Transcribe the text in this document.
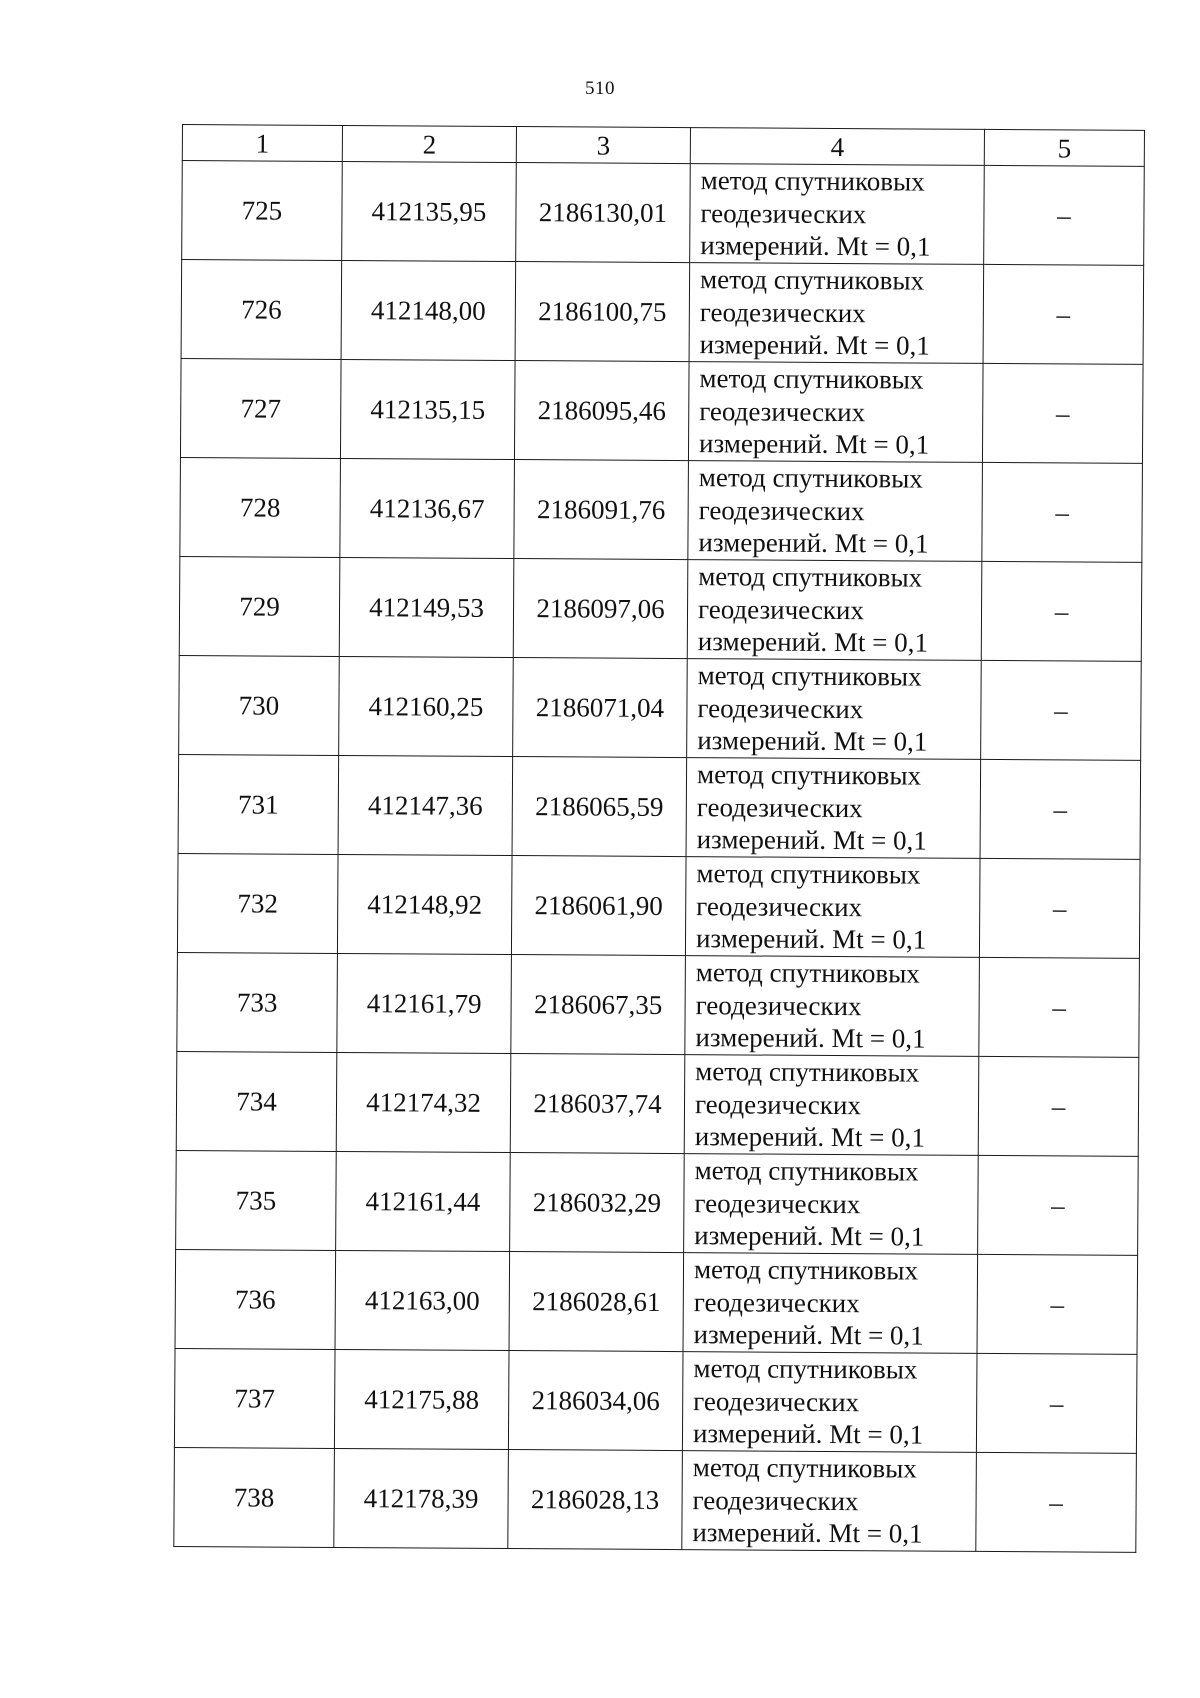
510
1	2	3	4	5
725	412135,95	2186130,01	метод спутниковых
геодезических
измерений. Mt = 0,1	–
726	412148,00	2186100,75	метод спутниковых
геодезических
измерений. Mt = 0,1	–
727	412135,15	2186095,46	метод спутниковых
геодезических
измерений. Mt = 0,1	–
728	412136,67	2186091,76	метод спутниковых
геодезических
измерений. Mt = 0,1	–
729	412149,53	2186097,06	метод спутниковых
геодезических
измерений. Mt = 0,1	–
730	412160,25	2186071,04	метод спутниковых
геодезических
измерений. Mt = 0,1	–
731	412147,36	2186065,59	метод спутниковых
геодезических
измерений. Mt = 0,1	–
732	412148,92	2186061,90	метод спутниковых
геодезических
измерений. Mt = 0,1	–
733	412161,79	2186067,35	метод спутниковых
геодезических
измерений. Mt = 0,1	–
734	412174,32	2186037,74	метод спутниковых
геодезических
измерений. Mt = 0,1	–
735	412161,44	2186032,29	метод спутниковых
геодезических
измерений. Mt = 0,1	–
736	412163,00	2186028,61	метод спутниковых
геодезических
измерений. Mt = 0,1	–
737	412175,88	2186034,06	метод спутниковых
геодезических
измерений. Mt = 0,1	–
738	412178,39	2186028,13	метод спутниковых
геодезических
измерений. Mt = 0,1	–
